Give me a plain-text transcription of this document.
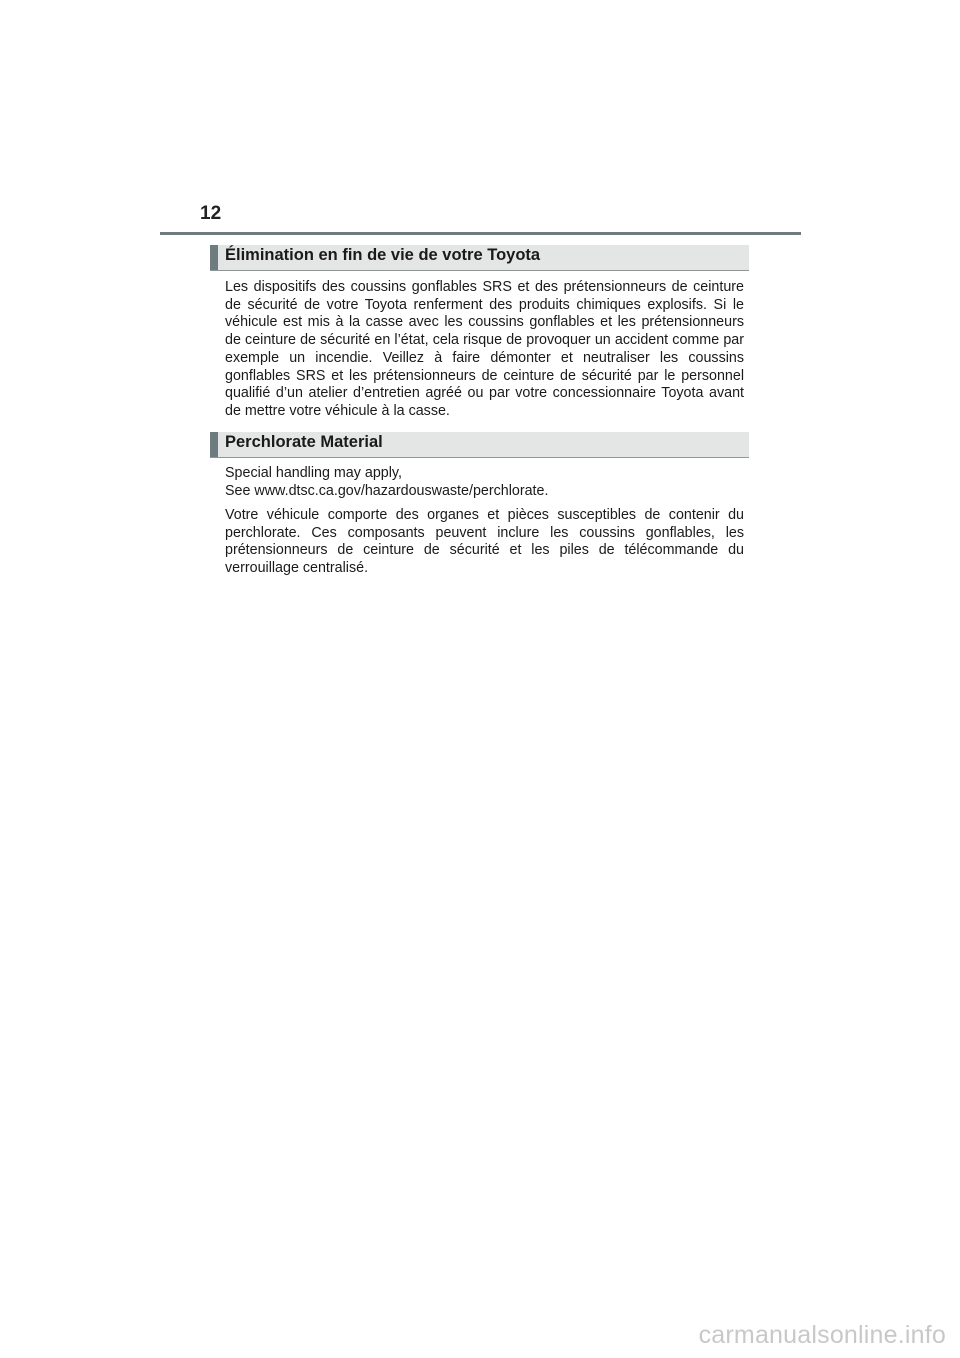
12
Élimination en fin de vie de votre Toyota

Les dispositifs des coussins gonflables SRS et des prétensionneurs de ceinture de sécurité de votre Toyota renferment des produits chimiques explosifs. Si le véhicule est mis à la casse avec les coussins gonflables et les prétensionneurs de ceinture de sécurité en l’état, cela risque de provoquer un accident comme par exemple un incendie. Veillez à faire démonter et neutraliser les coussins gonflables SRS et les prétensionneurs de ceinture de sécurité par le personnel qualifié d’un atelier d’entretien agréé ou par votre concessionnaire Toyota avant de mettre votre véhicule à la casse.

Perchlorate Material
Special handling may apply,
See www.dtsc.ca.gov/hazardouswaste/perchlorate.

Votre véhicule comporte des organes et pièces susceptibles de contenir du perchlorate. Ces composants peuvent inclure les coussins gonflables, les prétensionneurs de ceinture de sécurité et les piles de télécommande du verrouillage centralisé.

carmanualsonline.info
